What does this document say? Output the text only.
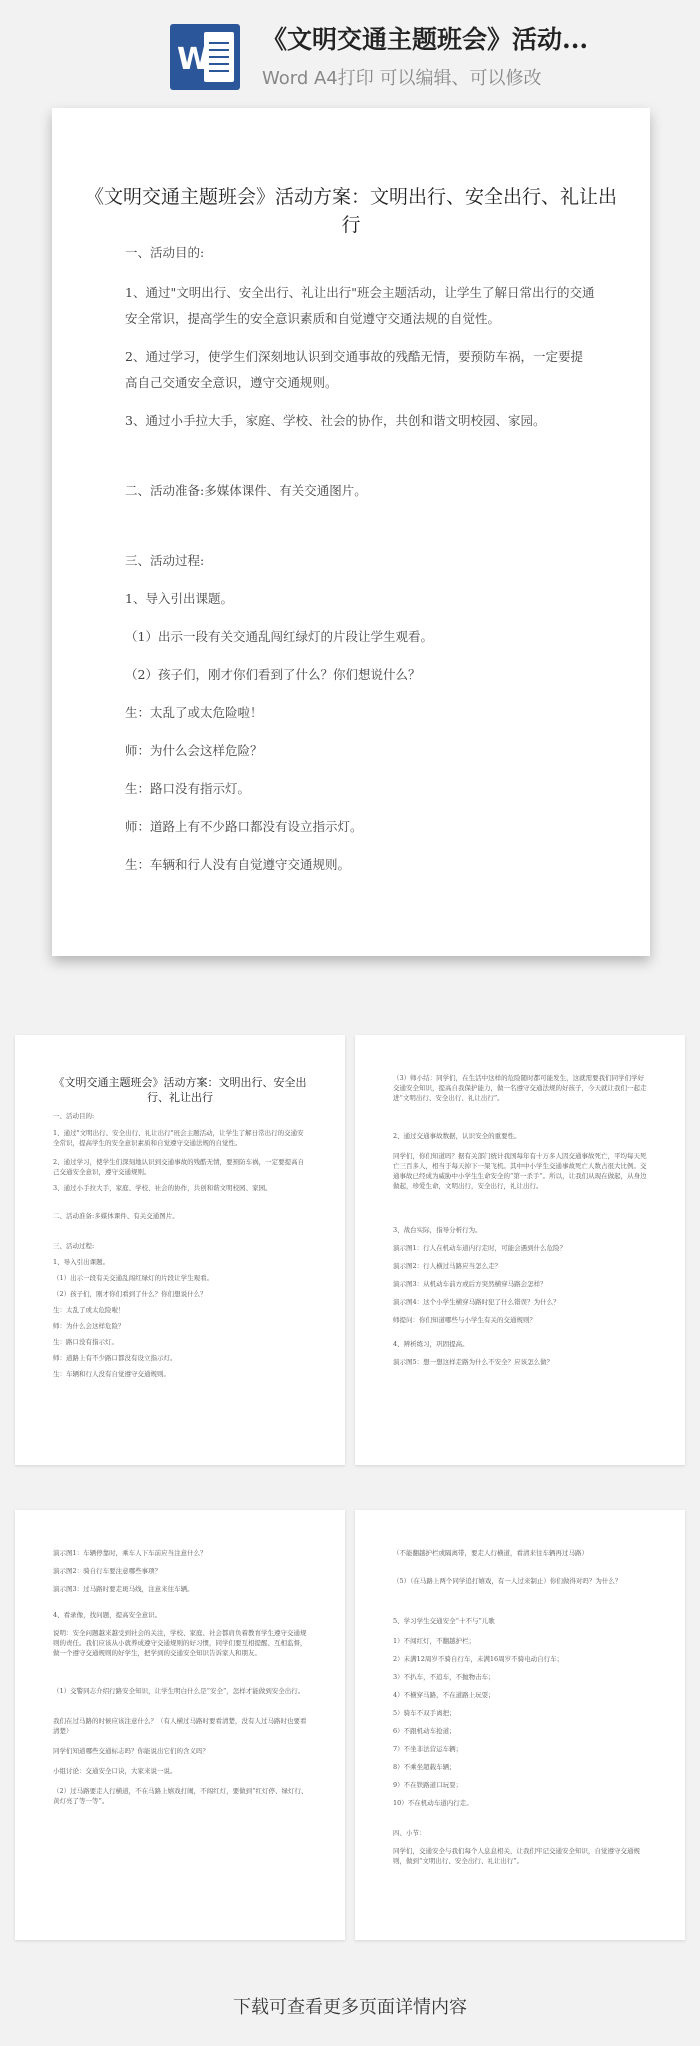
W
《文明交通主题班会》活动...
Word A4打印 可以编辑、可以修改
《文明交通主题班会》活动方案：文明出行、安全出行、礼让出行
一、活动目的:
1、通过"文明出行、安全出行、礼让出行"班会主题活动，让学生了解日常出行的交通安全常识，提高学生的安全意识素质和自觉遵守交通法规的自觉性。
2、通过学习，使学生们深刻地认识到交通事故的残酷无情，要预防车祸，一定要提高自己交通安全意识，遵守交通规则。
3、通过小手拉大手，家庭、学校、社会的协作，共创和谐文明校园、家园。
二、活动准备:多媒体课件、有关交通图片。
三、活动过程:
1、导入引出课题。
（1）出示一段有关交通乱闯红绿灯的片段让学生观看。
（2）孩子们，刚才你们看到了什么？你们想说什么？
生：太乱了或太危险啦！
师：为什么会这样危险？
生：路口没有指示灯。
师：道路上有不少路口都没有设立指示灯。
生：车辆和行人没有自觉遵守交通规则。
《文明交通主题班会》活动方案：文明出行、安全出行、礼让出行
一、活动目的:
1、通过"文明出行、安全出行、礼让出行"班会主题活动，让学生了解日常出行的交通安全常识，提高学生的安全意识素质和自觉遵守交通法规的自觉性。
2、通过学习，使学生们深刻地认识到交通事故的残酷无情，要预防车祸，一定要提高自己交通安全意识，遵守交通规则。
3、通过小手拉大手，家庭、学校、社会的协作，共创和谐文明校园、家园。
二、活动准备:多媒体课件、有关交通图片。
三、活动过程:
1、导入引出课题。
（1）出示一段有关交通乱闯红绿灯的片段让学生观看。
（2）孩子们，刚才你们看到了什么？你们想说什么？
生：太乱了或太危险啦！
师：为什么会这样危险？
生：路口没有指示灯。
师：道路上有不少路口都没有设立指示灯。
生：车辆和行人没有自觉遵守交通规则。
（3）师小结：同学们，在生活中这样的危险随时都可能发生，这就需要我们同学们学好交通安全知识，提高自我保护能力，做一名遵守交通法规的好孩子，今天就让我们一起走进“文明出行、安全出行、礼让出行”。
2、通过交通事故数据，认识安全的重要性。
同学们，你们知道吗？据有关部门统计我国每年有十万多人因交通事故死亡，平均每天死亡三百多人，相当于每天掉下一架飞机。其中中小学生交通事故死亡人数占很大比例。交通事故已经成为威胁中小学生生命安全的“第一杀手”。所以，让我们从现在做起，从身边做起，珍爱生命，文明出行，安全出行，礼让出行。
3、战台实际，指导分析行为。
演示图1：行人在机动车道内行走时，可能会遇到什么危险？
演示图2：行人横过马路应当怎么走？
演示图3：从机动车前方或后方突然横穿马路会怎样？
演示图4：这个小学生横穿马路时犯了什么错误？为什么？
师提问：你们知道哪些与小学生有关的交通规则？
4、辨析练习，巩固提高。
演示图5：想一想这样走路为什么不安全？应该怎么做？
演示图1：车辆停靠时，乘车人下车前应当注意什么？
演示图2：骑自行车要注意哪些事项？
演示图3：过马路时要走斑马线，注意来往车辆。
4、看录像，找问题，提高安全意识。
说明：安全问题越来越受到社会的关注，学校、家庭、社会都肩负着教育学生遵守交通规则的责任。我们应该从小就养成遵守交通规则的好习惯，同学们要互相提醒、互相监督，做一个遵守交通规则的好学生，把学到的交通安全知识告诉家人和朋友。
（1）交警同志介绍行路安全知识，让学生明白什么是“安全”，怎样才能做到安全出行。
我们在过马路的时候应该注意什么？（有人横过马路时要看清楚，没有人过马路时也要看清楚）
同学们知道哪些交通标志吗？你能说出它们的含义吗？
小组讨论：交通安全口诀，大家来说一说。
（2）过马路要走人行横道，不在马路上嬉戏打闹，不闯红灯，要做到“红灯停、绿灯行、黄灯亮了等一等”。
（不能翻越护栏或隔离带，要走人行横道，看清来往车辆再过马路）
（5）（在马路上两个同学追打嬉戏，有一人过来制止）你们做得对吗？为什么？
5、学习学生交通安全“十不与”儿歌
1）不闯红灯，不翻越护栏；
2）未满12周岁不骑自行车，未满16周岁不骑电动自行车；
3）不扒车，不追车，不抛物击车；
4）不横穿马路，不在道路上玩耍；
5）骑车不双手离把；
6）不跟机动车抢道；
7）不坐非法营运车辆；
8）不乘坐超载车辆；
9）不在铁路道口玩耍；
10）不在机动车道内行走。
四、小节：
同学们，交通安全与我们每个人息息相关，让我们牢记交通安全知识，自觉遵守交通规则，做到“文明出行、安全出行、礼让出行”。
下载可查看更多页面详情内容
